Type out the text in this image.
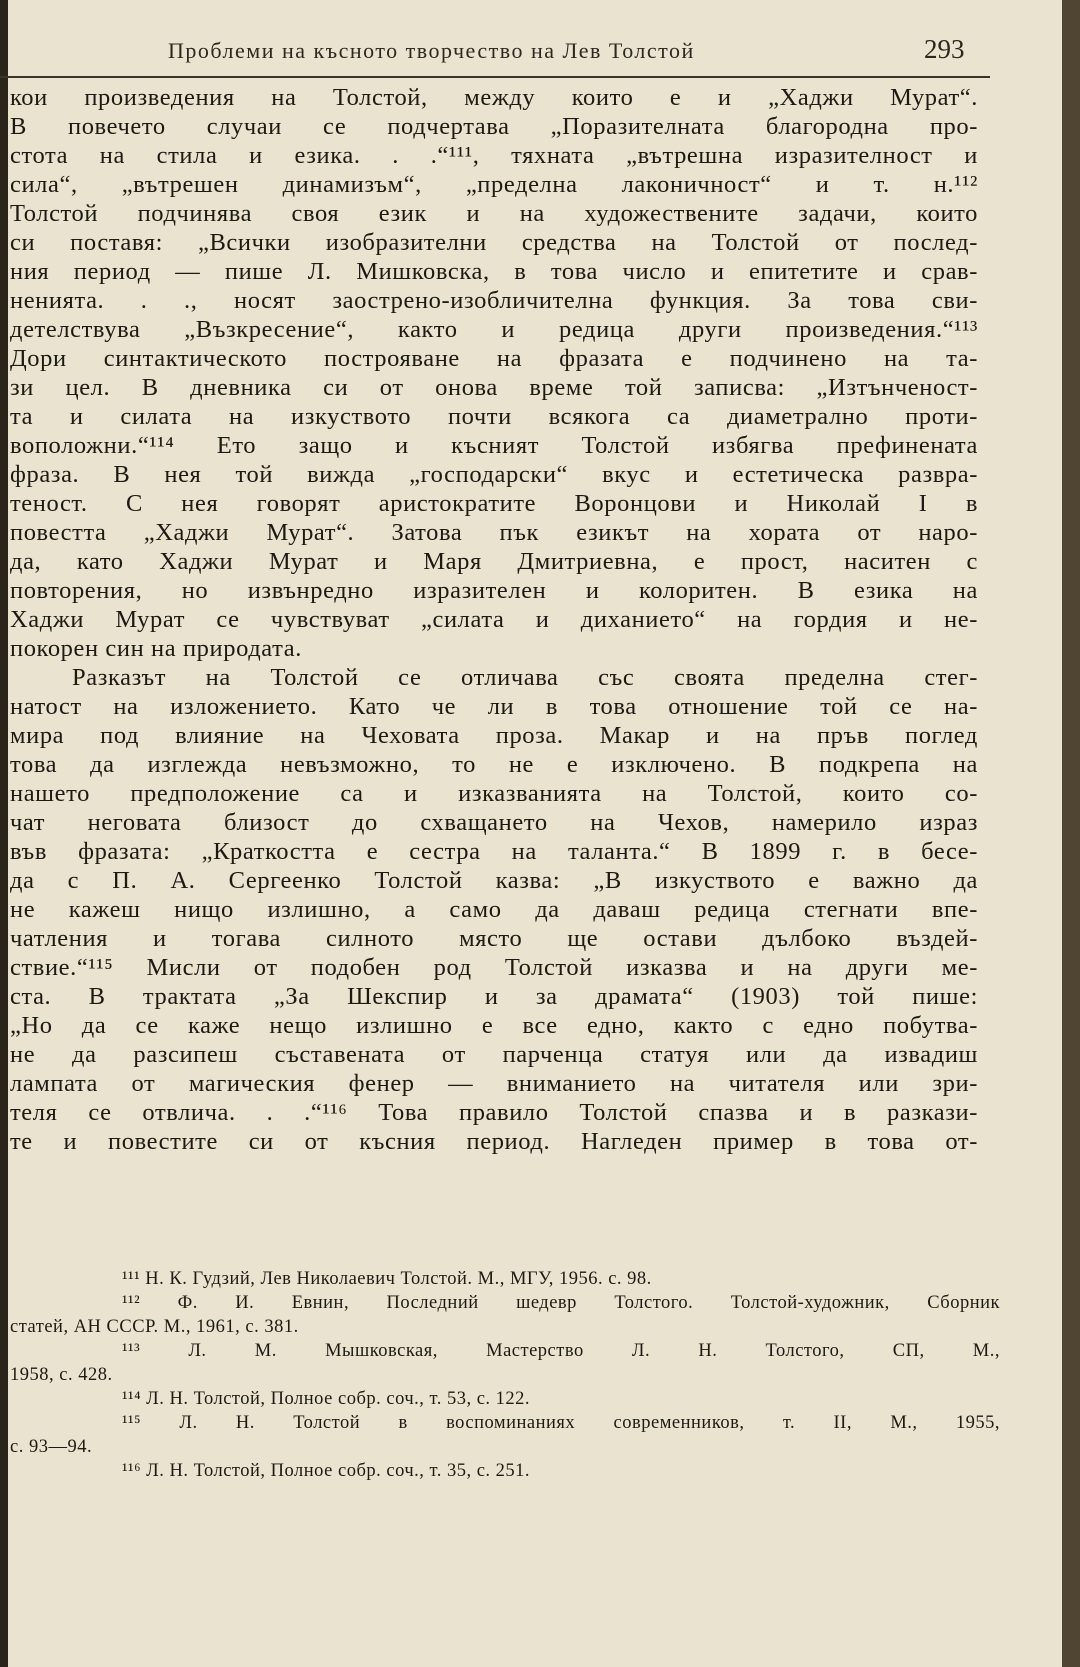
Проблеми на късното творчество на Лев Толстой	293
кои произведения на Толстой, между които е и „Хаджи Мурат“.
В повечето случаи се подчертава „Поразителната благородна про-
стота на стила и езика. . .“¹¹¹, тяхната „вътрешна изразителност и
сила“, „вътрешен динамизъм“, „пределна лаконичност“ и т. н.¹¹²
Толстой подчинява своя език и на художествените задачи, които
си поставя: „Всички изобразителни средства на Толстой от послед-
ния период — пише Л. Мишковска, в това число и епитетите и срав-
ненията. . ., носят заострено-изобличителна функция. За това сви-
детелствува „Възкресение“, както и редица други произведения.“¹¹³
Дори синтактическото построяване на фразата е подчинено на та-
зи цел. В дневника си от онова време той записва: „Изтънченост-
та и силата на изкуството почти всякога са диаметрално проти-
воположни.“¹¹⁴ Ето защо и късният Толстой избягва префинената
фраза. В нея той вижда „господарски“ вкус и естетическа развра-
теност. С нея говорят аристократите Воронцови и Николай I в
повестта „Хаджи Мурат“. Затова пък езикът на хората от наро-
да, като Хаджи Мурат и Маря Дмитриевна, е прост, наситен с
повторения, но извънредно изразителен и колоритен. В езика на
Хаджи Мурат се чувствуват „силата и диханието“ на гордия и не-
покорен син на природата.
Разказът на Толстой се отличава със своята пределна стег-
натост на изложението. Като че ли в това отношение той се на-
мира под влияние на Чеховата проза. Макар и на пръв поглед
това да изглежда невъзможно, то не е изключено. В подкрепа на
нашето предположение са и изказванията на Толстой, които со-
чат неговата близост до схващането на Чехов, намерило израз
във фразата: „Краткостта е сестра на таланта.“ В 1899 г. в бесе-
да с П. А. Сергеенко Толстой казва: „В изкуството е важно да
не кажеш нищо излишно, а само да даваш редица стегнати впе-
чатления и тогава силното място ще остави дълбоко въздей-
ствие.“¹¹⁵ Мисли от подобен род Толстой изказва и на други ме-
ста. В трактата „За Шекспир и за драмата“ (1903) той пише:
„Но да се каже нещо излишно е все едно, както с едно побутва-
не да разсипеш съставената от парченца статуя или да извадиш
лампата от магическия фенер — вниманието на читателя или зри-
теля се отвлича. . .“¹¹⁶ Това правило Толстой спазва и в разкази-
те и повестите си от късния период. Нагледен пример в това от-
¹¹¹ Н. К. Гудзий, Лев Николаевич Толстой. М., МГУ, 1956. с. 98.
¹¹² Ф. И. Евнин, Последний шедевр Толстого. Толстой-художник, Сборник
статей, АН СССР. М., 1961, с. 381.
¹¹³ Л. М. Мышковская, Мастерство Л. Н. Толстого, СП, М.,
1958, с. 428.
¹¹⁴ Л. Н. Толстой, Полное собр. соч., т. 53, с. 122.
¹¹⁵ Л. Н. Толстой в воспоминаниях современников, т. II, М., 1955,
с. 93—94.
¹¹⁶ Л. Н. Толстой, Полное собр. соч., т. 35, с. 251.
